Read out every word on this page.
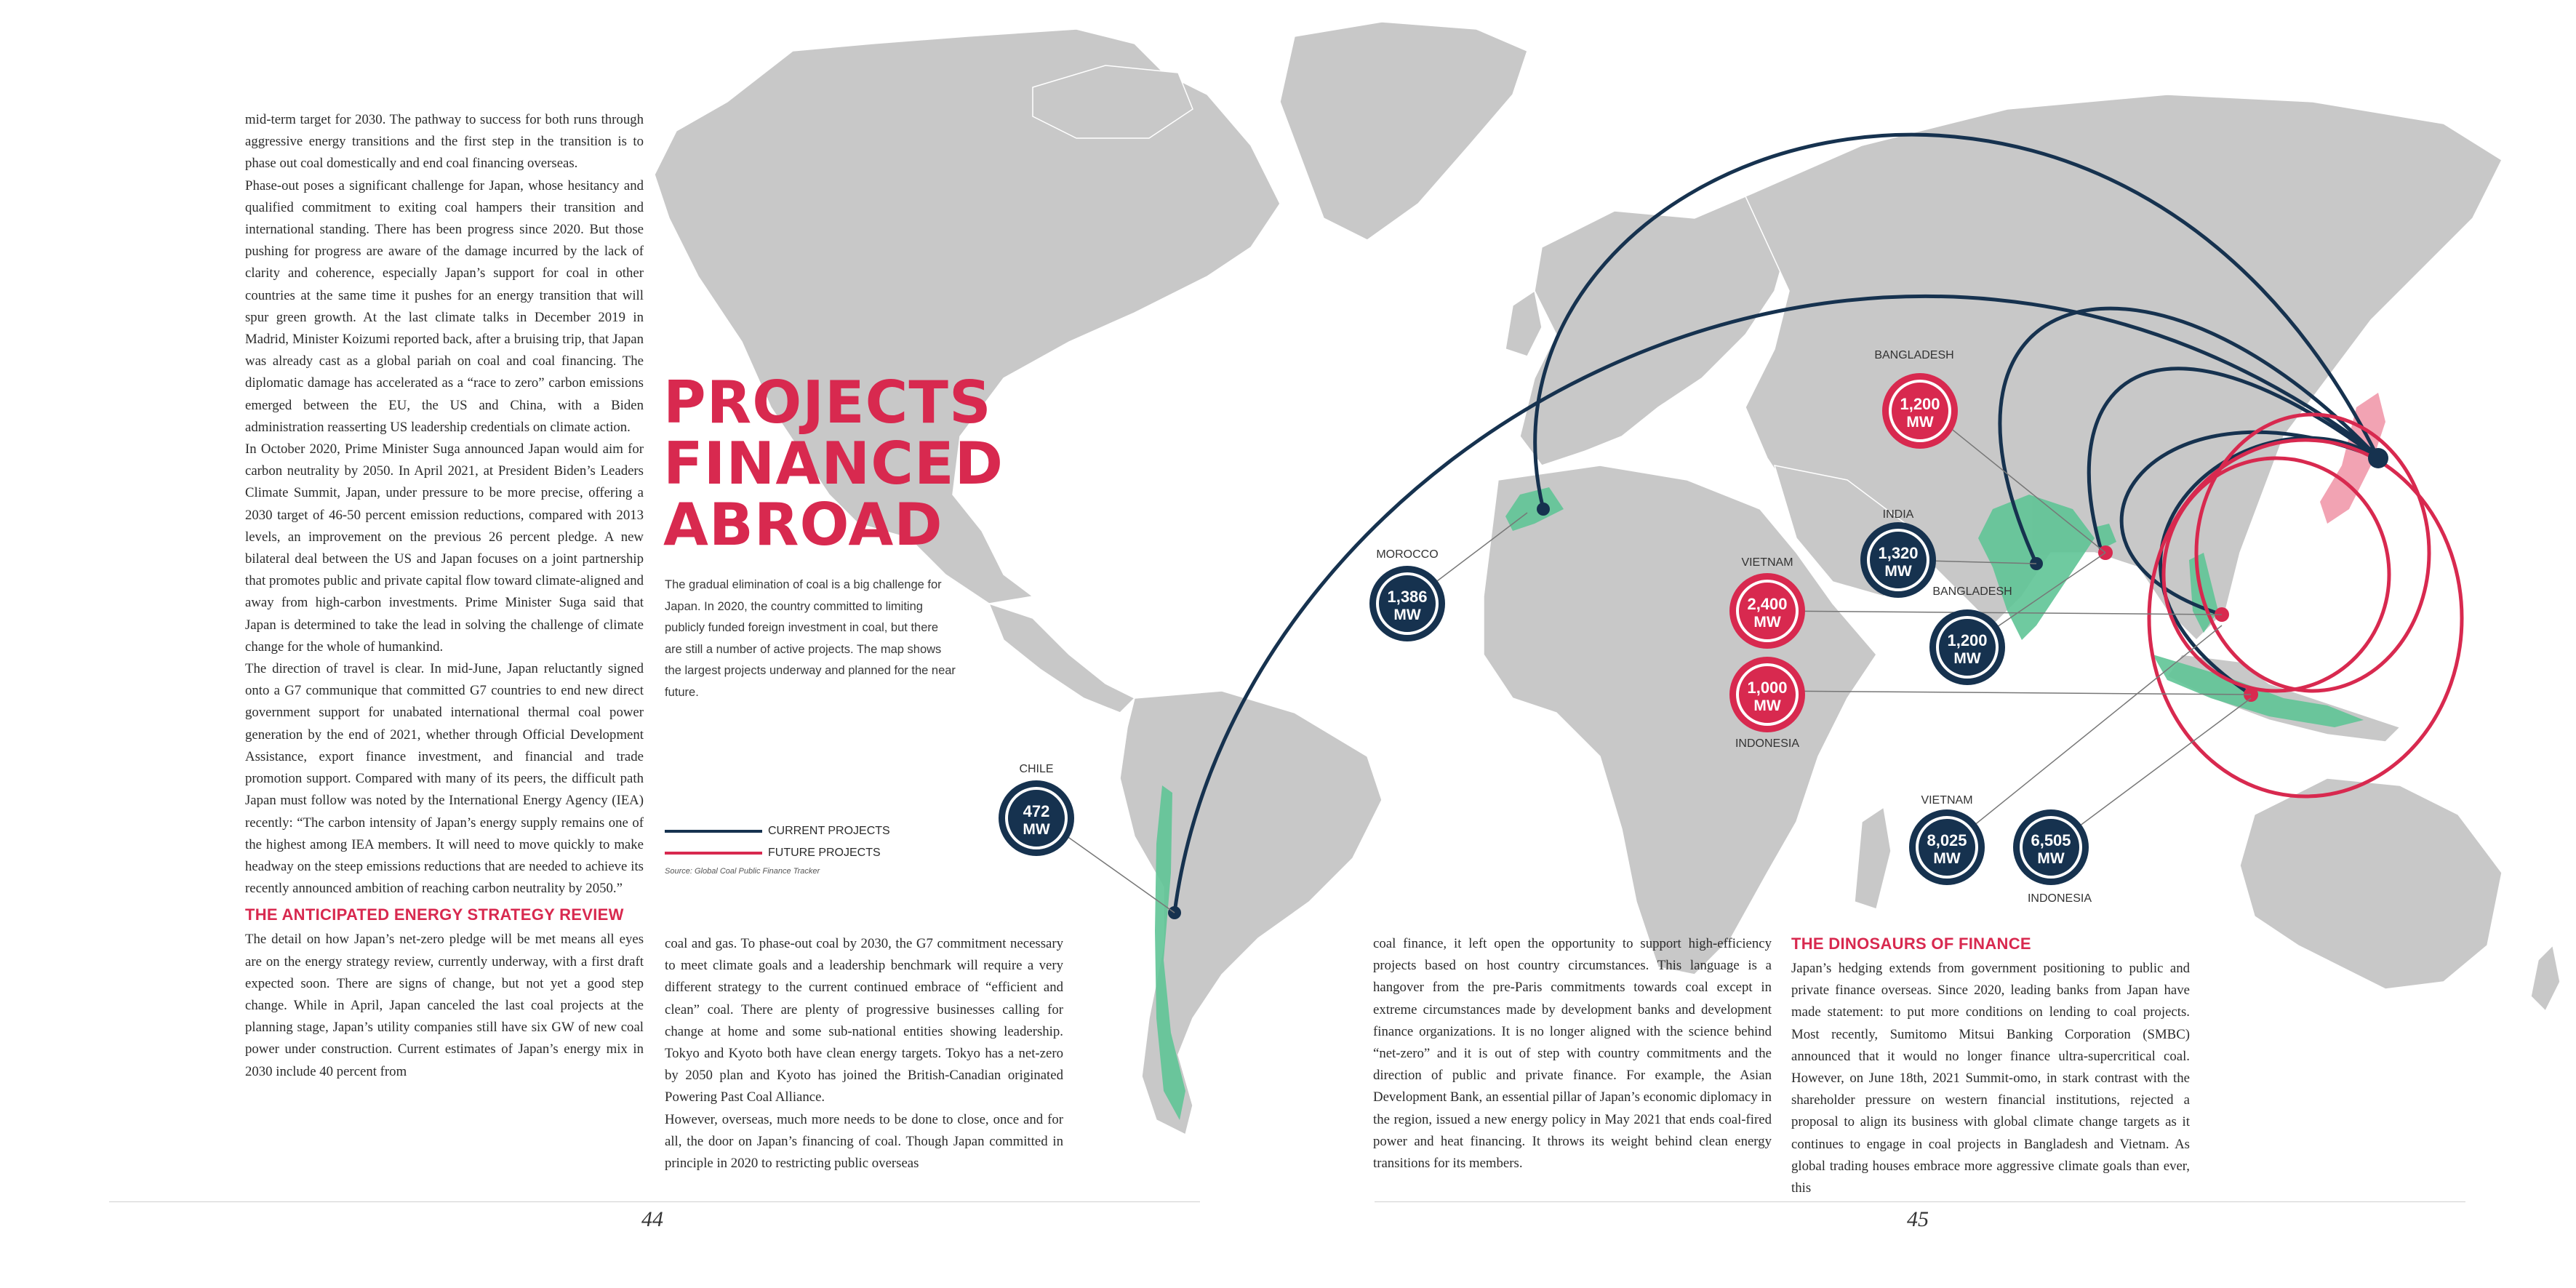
472
MW
CHILE
1,386
MW
MOROCCO	1,320
MW
INDIA
1,200
MW
BANGLADESH
8,025
MW
VIETNAM
6,505
MW
INDONESIA
1,200
MW
BANGLADESH
2,400
MW
VIETNAM
1,000
MW
INDONESIA

mid-term target for 2030. The pathway to success for both runs through aggressive energy transitions and the first step in the transition is to phase out coal domestically and end coal financing overseas.

Phase-out poses a significant challenge for Japan, whose hesitancy and qualified commitment to exiting coal hampers their transition and international standing. There has been progress since 2020. But those pushing for progress are aware of the damage incurred by the lack of clarity and coherence, especially Japan’s support for coal in other countries at the same time it pushes for an energy transition that will spur green growth. At the last climate talks in December 2019 in Madrid, Minister Koizumi reported back, after a bruising trip, that Japan was already cast as a global pariah on coal and coal financing. The diplomatic damage has accelerated as a “race to zero” carbon emissions emerged between the EU, the US and China, with a Biden administration reasserting US leadership credentials on climate action.

In October 2020, Prime Minister Suga announced Japan would aim for carbon neutrality by 2050. In April 2021, at President Biden’s Leaders Climate Summit, Japan, under pressure to be more precise, offering a 2030 target of 46-50 percent emission reductions, compared with 2013 levels, an improvement on the previous 26 percent pledge. A new bilateral deal between the US and Japan focuses on a joint partnership that promotes public and private capital flow toward climate-aligned and away from high-carbon investments. Prime Minister Suga said that Japan is determined to take the lead in solving the challenge of climate change for the whole of humankind.

The direction of travel is clear. In mid-June, Japan reluctantly signed onto a G7 communique that committed G7 countries to end new direct government support for unabated international thermal coal power generation by the end of 2021, whether through Official Development Assistance, export finance investment, and financial and trade promotion support. Compared with many of its peers, the difficult path Japan must follow was noted by the International Energy Agency (IEA) recently: “The carbon intensity of Japan’s energy supply remains one of the highest among IEA members. It will need to move quickly to make headway on the steep emissions reductions that are needed to achieve its recently announced ambition of reaching carbon neutrality by 2050.”

THE ANTICIPATED ENERGY STRATEGY REVIEW

The detail on how Japan’s net-zero pledge will be met means all eyes are on the energy strategy review, currently underway, with a first draft expected soon. There are signs of change, but not yet a good step change. While in April, Japan canceled the last coal projects at the planning stage, Japan’s utility companies still have six GW of new coal power under construction. Current estimates of Japan’s energy mix in 2030 include 40 percent from

coal and gas. To phase-out coal by 2030, the G7 commitment necessary to meet climate goals and a leadership benchmark will require a very different strategy to the current continued embrace of “efficient and clean” coal. There are plenty of progressive businesses calling for change at home and some sub-national entities showing leadership. Tokyo and Kyoto both have clean energy targets. Tokyo has a net-zero by 2050 plan and Kyoto has joined the British-Canadian originated Powering Past Coal Alliance.

However, overseas, much more needs to be done to close, once and for all, the door on Japan’s financing of coal. Though Japan committed in principle in 2020 to restricting public overseas

PROJECTS
FINANCED
ABROAD
The gradual elimination of coal is a big challenge for Japan. In 2020, the country committed to limiting publicly funded foreign investment in coal, but there are still a number of active projects. The map shows the largest projects underway and planned for the near future.
CURRENT PROJECTS
FUTURE PROJECTS
Source: Global Coal Public Finance Tracker

coal finance, it left open the opportunity to support high-efficiency projects based on host country circumstances. This language is a hangover from the pre-Paris commitments towards coal except in extreme circumstances made by development banks and development finance organizations. It is no longer aligned with the science behind “net-zero” and it is out of step with country commitments and the direction of public and private finance. For example, the Asian Development Bank, an essential pillar of Japan’s economic diplomacy in the region, issued a new energy policy in May 2021 that ends coal-fired power and heat financing. It throws its weight behind clean energy transitions for its members.

THE DINOSAURS OF FINANCE

Japan’s hedging extends from government positioning to public and private finance overseas. Since 2020, leading banks from Japan have made statement: to put more conditions on lending to coal projects. Most recently, Sumitomo Mitsui Banking Corporation (SMBC) announced that it would no longer finance ultra-supercritical coal. However, on June 18th, 2021 Summit-omo, in stark contrast with the shareholder pressure on western financial institutions, rejected a proposal to align its business with global climate change targets as it continues to engage in coal projects in Bangladesh and Vietnam. As global trading houses embrace more aggressive climate goals than ever, this

44	45
